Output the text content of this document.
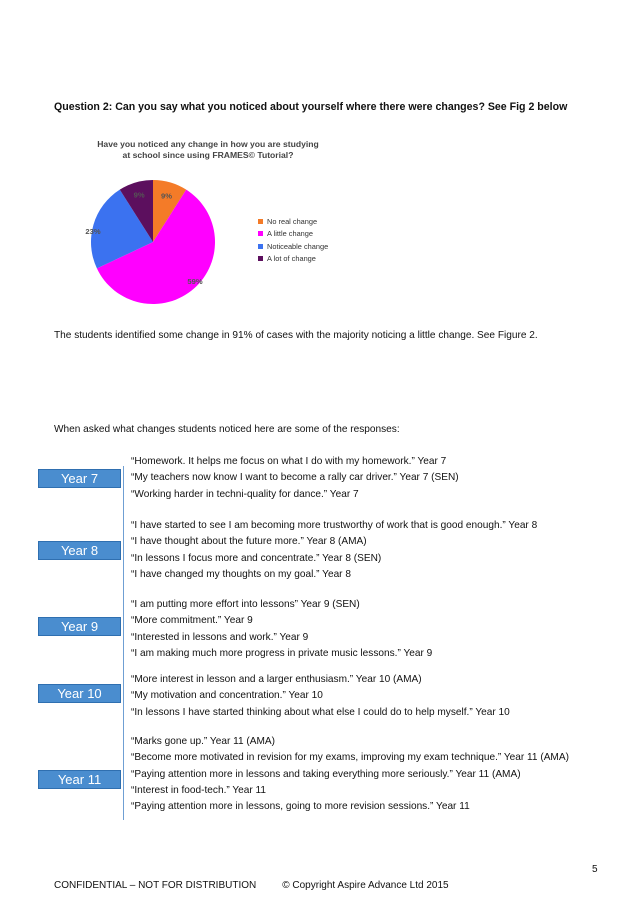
Question 2: Can you say what you noticed about yourself where there were changes? See Fig 2 below
Have you noticed any change in how you are studying
at school since using FRAMES© Tutorial?
9%
59%
23%
9%
No real change
A little change
Noticeable change
A lot of change
The students identified some change in 91% of cases with the majority noticing a little change. See Figure 2.
When asked what changes students noticed here are some of the responses:
Year 7
Year 8
Year 9
Year 10
Year 11
“Homework. It helps me focus on what I do with my homework.” Year 7
“My teachers now know I want to become a rally car driver.” Year 7 (SEN)
“Working harder in techni-quality for dance.” Year 7
“I have started to see I am becoming more trustworthy of work that is good enough.” Year 8
“I have thought about the future more.” Year 8 (AMA)
“In lessons I focus more and concentrate.” Year 8 (SEN)
“I have changed my thoughts on my goal.” Year 8
“I am putting more effort into lessons” Year 9 (SEN)
“More commitment.” Year 9
“Interested in lessons and work.” Year 9
“I am making much more progress in private music lessons.” Year 9
“More interest in lesson and a larger enthusiasm.” Year 10 (AMA)
“My motivation and concentration.” Year 10
“In lessons I have started thinking about what else I could do to help myself.” Year 10
“Marks gone up.” Year 11 (AMA)
“Become more motivated in revision for my exams, improving my exam technique.” Year 11 (AMA)
“Paying attention more in lessons and taking everything more seriously.” Year 11 (AMA)
“Interest in food-tech.” Year 11
“Paying attention more in lessons, going to more revision sessions.” Year 11
5
CONFIDENTIAL – NOT FOR DISTRIBUTION	© Copyright Aspire Advance Ltd 2015
